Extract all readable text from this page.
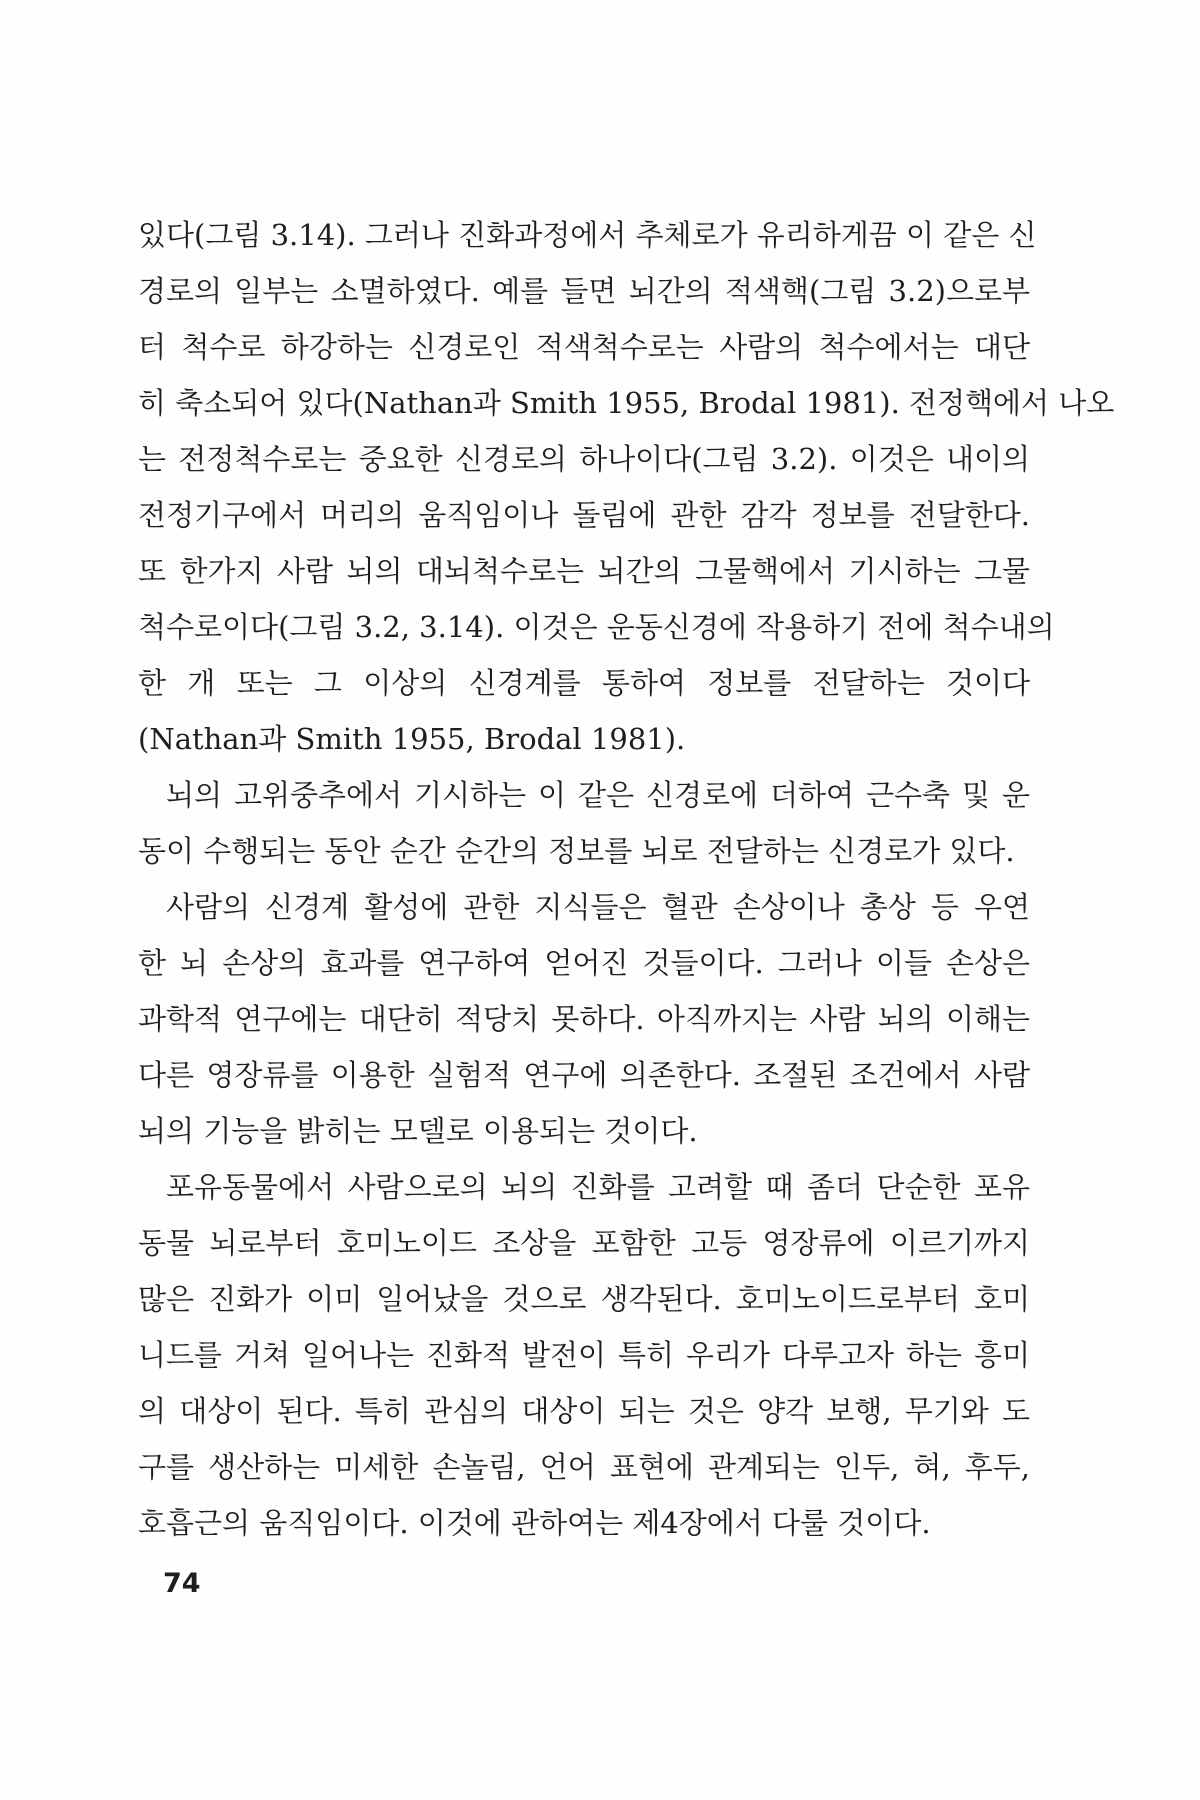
있다(그림 3.14). 그러나 진화과정에서 추체로가 유리하게끔 이 같은 신
경로의 일부는 소멸하였다. 예를 들면 뇌간의 적색핵(그림 3.2)으로부
터 척수로 하강하는 신경로인 적색척수로는 사람의 척수에서는 대단
히 축소되어 있다(Nathan과 Smith 1955, Brodal 1981). 전정핵에서 나오
는 전정척수로는 중요한 신경로의 하나이다(그림 3.2). 이것은 내이의
전정기구에서 머리의 움직임이나 돌림에 관한 감각 정보를 전달한다.
또 한가지 사람 뇌의 대뇌척수로는 뇌간의 그물핵에서 기시하는 그물
척수로이다(그림 3.2, 3.14). 이것은 운동신경에 작용하기 전에 척수내의
한 개 또는 그 이상의 신경계를 통하여 정보를 전달하는 것이다
(Nathan과 Smith 1955, Brodal 1981).
뇌의 고위중추에서 기시하는 이 같은 신경로에 더하여 근수축 및 운
동이 수행되는 동안 순간 순간의 정보를 뇌로 전달하는 신경로가 있다.
사람의 신경계 활성에 관한 지식들은 혈관 손상이나 총상 등 우연
한 뇌 손상의 효과를 연구하여 얻어진 것들이다. 그러나 이들 손상은
과학적 연구에는 대단히 적당치 못하다. 아직까지는 사람 뇌의 이해는
다른 영장류를 이용한 실험적 연구에 의존한다. 조절된 조건에서 사람
뇌의 기능을 밝히는 모델로 이용되는 것이다.
포유동물에서 사람으로의 뇌의 진화를 고려할 때 좀더 단순한 포유
동물 뇌로부터 호미노이드 조상을 포함한 고등 영장류에 이르기까지
많은 진화가 이미 일어났을 것으로 생각된다. 호미노이드로부터 호미
니드를 거쳐 일어나는 진화적 발전이 특히 우리가 다루고자 하는 흥미
의 대상이 된다. 특히 관심의 대상이 되는 것은 양각 보행, 무기와 도
구를 생산하는 미세한 손놀림, 언어 표현에 관계되는 인두, 혀, 후두,
호흡근의 움직임이다. 이것에 관하여는 제4장에서 다룰 것이다.

74
